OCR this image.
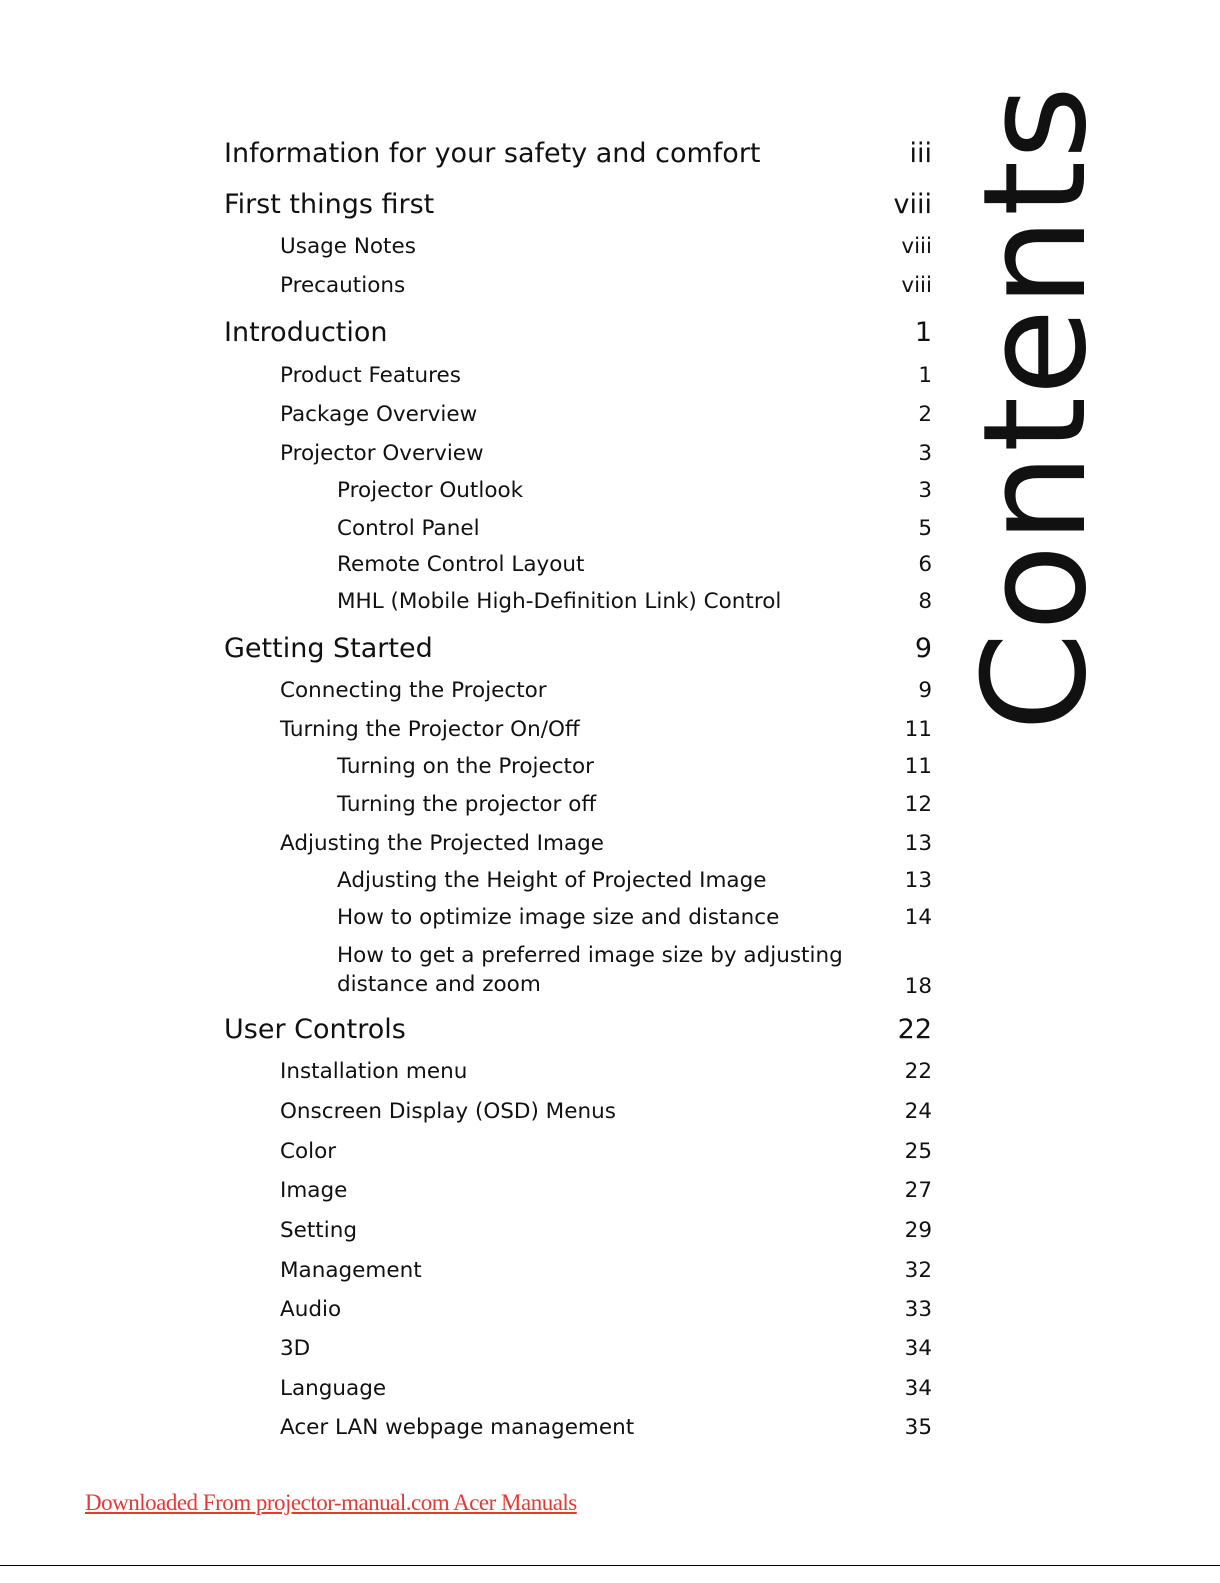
Information for your safety and comfort	iii
First things first	viii
Usage Notes	viii
Precautions	viii
Introduction	1
Product Features	1
Package Overview	2
Projector Overview	3
Projector Outlook	3
Control Panel	5
Remote Control Layout	6
MHL (Mobile High-Definition Link) Control	8
Getting Started	9
Connecting the Projector	9
Turning the Projector On/Off	11
Turning on the Projector	11
Turning the projector off	12
Adjusting the Projected Image	13
Adjusting the Height of Projected Image	13
How to optimize image size and distance	14
How to get a preferred image size by adjusting distance and zoom	18
User Controls	22
Installation menu	22
Onscreen Display (OSD) Menus	24
Color	25
Image	27
Setting	29
Management	32
Audio	33
3D	34
Language	34
Acer LAN webpage management	35
Contents
Downloaded From projector-manual.com Acer Manuals
